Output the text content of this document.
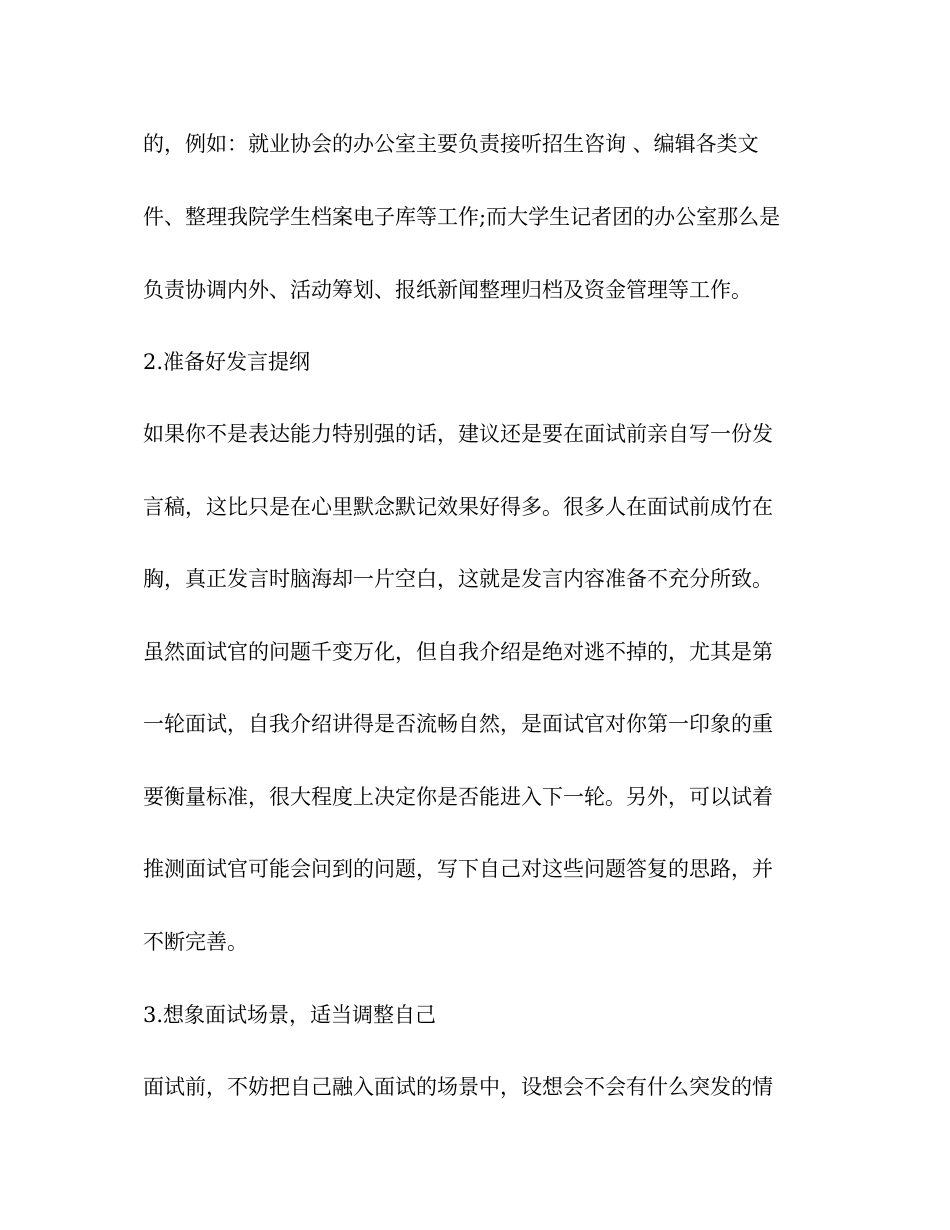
的，例如：就业协会的办公室主要负责接听招生咨询 、编辑各类文
件、整理我院学生档案电子库等工作;而大学生记者团的办公室那么是
负责协调内外、活动筹划、报纸新闻整理归档及资金管理等工作。
2.准备好发言提纲
如果你不是表达能力特别强的话，建议还是要在面试前亲自写一份发
言稿，这比只是在心里默念默记效果好得多。很多人在面试前成竹在
胸，真正发言时脑海却一片空白，这就是发言内容准备不充分所致。
虽然面试官的问题千变万化，但自我介绍是绝对逃不掉的，尤其是第
一轮面试，自我介绍讲得是否流畅自然，是面试官对你第一印象的重
要衡量标准，很大程度上决定你是否能进入下一轮。另外，可以试着
推测面试官可能会问到的问题，写下自己对这些问题答复的思路，并
不断完善。
3.想象面试场景，适当调整自己
面试前，不妨把自己融入面试的场景中，设想会不会有什么突发的情
